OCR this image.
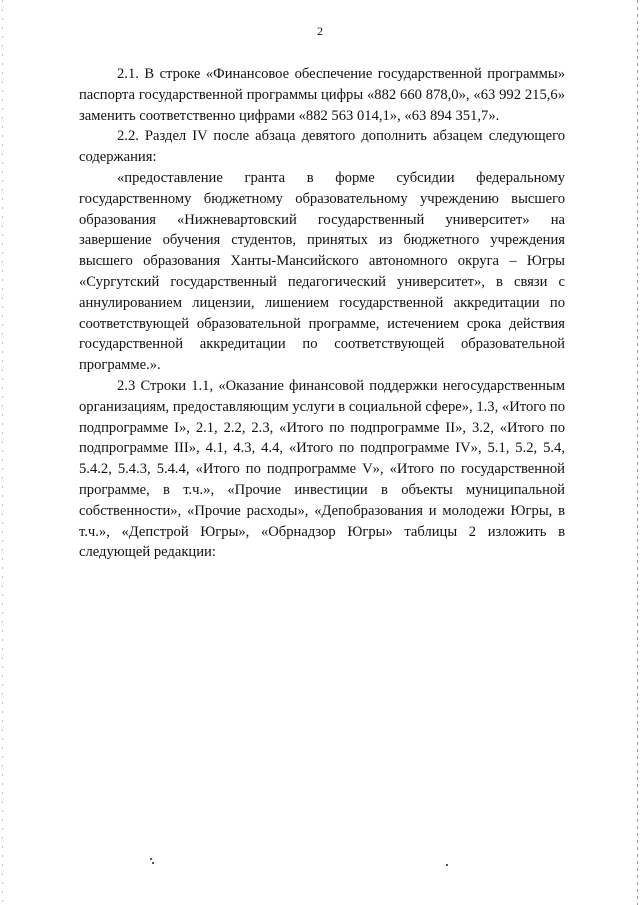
2

2.1. В строке «Финансовое обеспечение государственной программы» паспорта государственной программы цифры «882 660 878,0», «63 992 215,6» заменить соответственно цифрами «882 563 014,1», «63 894 351,7».

2.2. Раздел IV после абзаца девятого дополнить абзацем следующего содержания:

«предоставление гранта в форме субсидии федеральному государственному бюджетному образовательному учреждению высшего образования «Нижневартовский государственный университет» на завершение обучения студентов, принятых из бюджетного учреждения высшего образования Ханты-Мансийского автономного округа – Югры «Сургутский государственный педагогический университет», в связи с аннулированием лицензии, лишением государственной аккредитации по соответствующей образовательной программе, истечением срока действия государственной аккредитации по соответствующей образовательной программе.».

2.3 Строки 1.1, «Оказание финансовой поддержки негосударственным организациям, предоставляющим услуги в социальной сфере», 1.3, «Итого по подпрограмме I», 2.1, 2.2, 2.3, «Итого по подпрограмме II», 3.2, «Итого по подпрограмме III», 4.1, 4.3, 4.4, «Итого по подпрограмме IV», 5.1, 5.2, 5.4, 5.4.2, 5.4.3, 5.4.4, «Итого по подпрограмме V», «Итого по государственной программе, в т.ч.», «Прочие инвестиции в объекты муниципальной собственности», «Прочие расходы», «Депобразования и молодежи Югры, в т.ч.», «Депстрой Югры», «Обрнадзор Югры» таблицы 2 изложить в следующей редакции:
